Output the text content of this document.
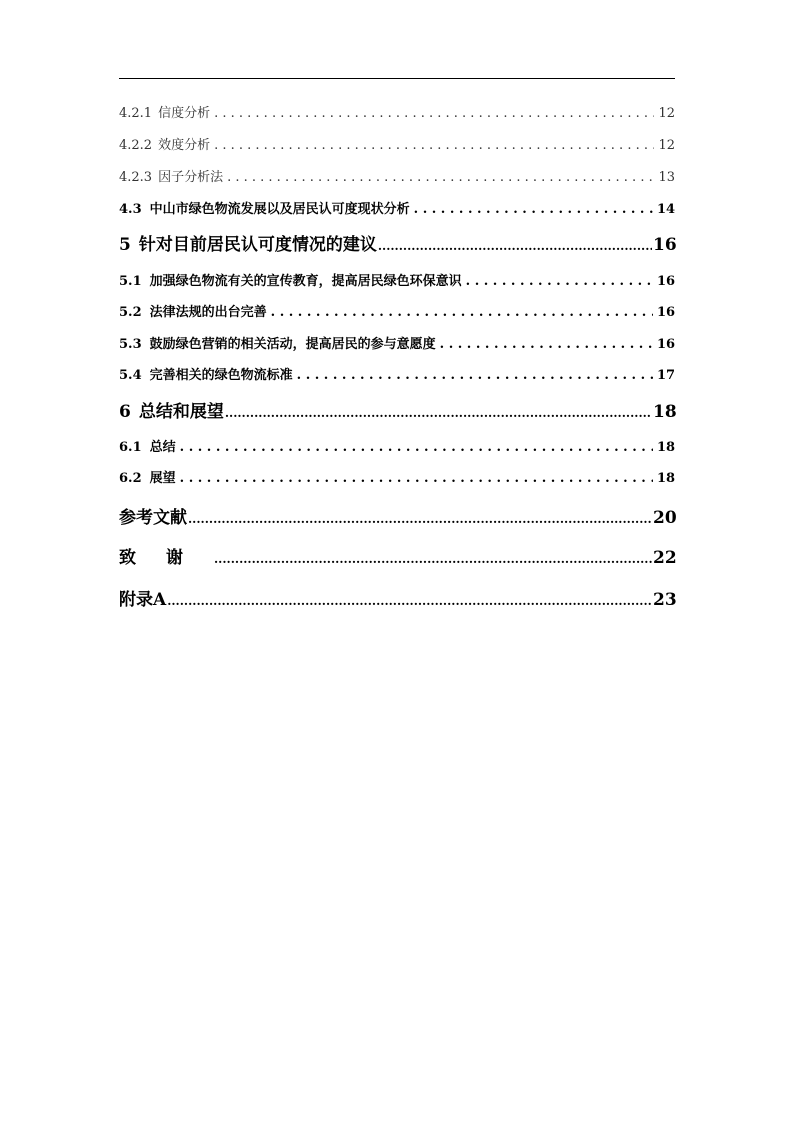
4.2.1 信度分析 . . .	12
4.2.2 效度分析 . . .	12
4.2.3 因子分析法 . . .	13
4.3 中山市绿色物流发展以及居民认可度现状分析 . . .	14
5 针对目前居民认可度情况的建议 .....	16
5.1 加强绿色物流有关的宣传教育，提高居民绿色环保意识 . . .	16
5.2 法律法规的出台完善 . . .	16
5.3 鼓励绿色营销的相关活动，提高居民的参与意愿度 . . .	16
5.4 完善相关的绿色物流标准 . . .	17
6 总结和展望 .....	18
6.1 总结 . . .	18
6.2 展望 . . .	18
参考文献 .....	20
致谢 .....	22
附录A .....	23
